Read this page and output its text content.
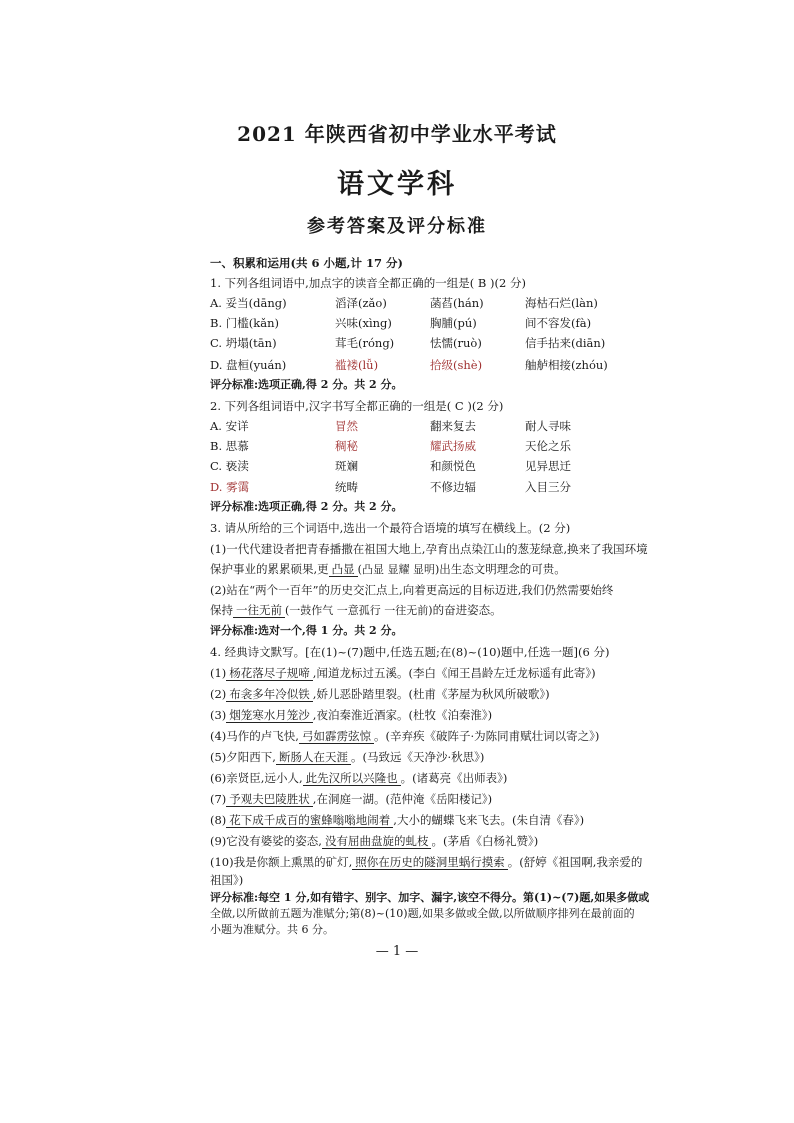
2021 年陕西省初中学业水平考试
语文学科
参考答案及评分标准
一、积累和运用(共 6 小题,计 17 分)
1. 下列各组词语中,加点字的读音全都正确的一组是( B )(2 分)
A. 妥当(dāng)	滔泽(zǎo)	菡萏(hán)	海枯石烂(làn)
B. 门槛(kǎn)	兴味(xìng)	胸脯(pú)	间不容发(fà)
C. 坍塌(tān)	茸毛(róng)	怯懦(ruò)	信手拈来(diān)
D. 盘桓(yuán)	褴褛(lǚ)	拾级(shè)	舳舻相接(zhóu)
评分标准:选项正确,得 2 分。共 2 分。
2. 下列各组词语中,汉字书写全都正确的一组是( C )(2 分)
A. 安详	冒然	翻来复去	耐人寻味
B. 思慕	稠秘	耀武扬威	天伦之乐
C. 亵渎	斑斓	和颜悦色	见异思迁
D. 雾霭	统畴	不修边辐	入目三分
评分标准:选项正确,得 2 分。共 2 分。
3. 请从所给的三个词语中,选出一个最符合语境的填写在横线上。(2 分)
(1)一代代建设者把青春播撒在祖国大地上,孕育出点染江山的葱茏绿意,换来了我国环境
保护事业的累累硕果,更 凸显 (凸显 显耀 显明)出生态文明理念的可贵。
(2)站在“两个一百年”的历史交汇点上,向着更高远的目标迈进,我们仍然需要始终
保持 一往无前 (一鼓作气 一意孤行 一往无前)的奋进姿态。
评分标准:选对一个,得 1 分。共 2 分。
4. 经典诗文默写。[在(1)~(7)题中,任选五题;在(8)~(10)题中,任选一题](6 分)
(1) 杨花落尽子规啼 ,闻道龙标过五溪。(李白《闻王昌龄左迁龙标遥有此寄》)
(2) 布衾多年冷似铁 ,娇儿恶卧踏里裂。(杜甫《茅屋为秋风所破歌》)
(3) 烟笼寒水月笼沙 ,夜泊秦淮近酒家。(杜牧《泊秦淮》)
(4)马作的卢飞快, 弓如霹雳弦惊 。(辛弃疾《破阵子·为陈同甫赋壮词以寄之》)
(5)夕阳西下, 断肠人在天涯 。(马致远《天净沙·秋思》)
(6)亲贤臣,远小人, 此先汉所以兴隆也 。(诸葛亮《出师表》)
(7) 予观夫巴陵胜状 ,在洞庭一湖。(范仲淹《岳阳楼记》)
(8) 花下成千成百的蜜蜂嗡嗡地闹着 ,大小的蝴蝶飞来飞去。(朱自清《春》)
(9)它没有婆娑的姿态, 没有屈曲盘旋的虬枝 。(茅盾《白杨礼赞》)
(10)我是你额上熏黑的矿灯, 照你在历史的隧洞里蜗行摸索 。(舒婷《祖国啊,我亲爱的
祖国》)
评分标准:每空 1 分,如有错字、别字、加字、漏字,该空不得分。第(1)~(7)题,如果多做或
全做,以所做前五题为准赋分;第(8)~(10)题,如果多做或全做,以所做顺序排列在最前面的
小题为准赋分。共 6 分。
— 1 —
